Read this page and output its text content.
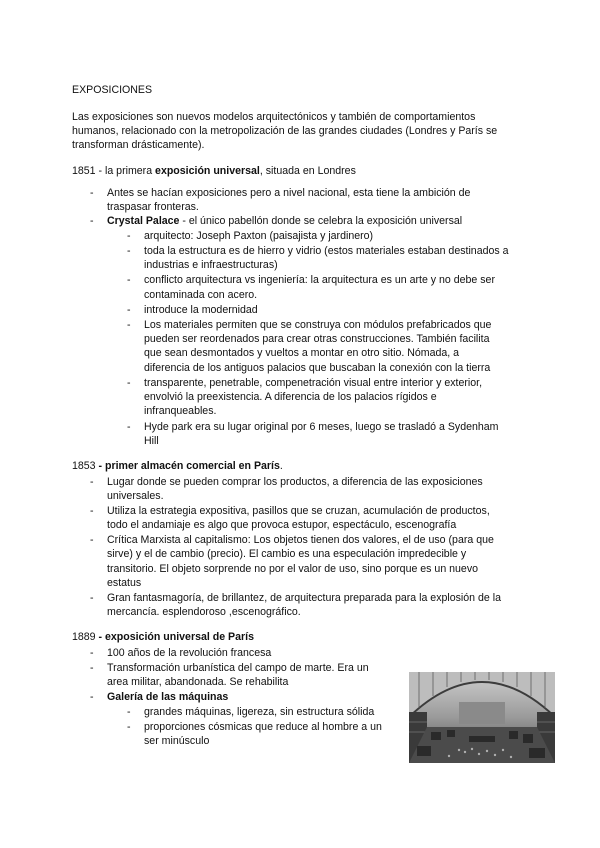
EXPOSICIONES
Las exposiciones son nuevos modelos arquitectónicos y también de comportamientos
humanos, relacionado con la metropolización de las grandes ciudades (Londres y París se
transforman drásticamente).
1851 - la primera exposición universal, situada en Londres
- Antes se hacían exposiciones pero a nivel nacional, esta tiene la ambición de
traspasar fronteras.
- Crystal Palace - el único pabellón donde se celebra la exposición universal
- arquitecto: Joseph Paxton (paisajista y jardinero)
- toda la estructura es de hierro y vidrio (estos materiales estaban destinados a
industrias e infraestructuras)
- conflicto arquitectura vs ingeniería: la arquitectura es un arte y no debe ser
contaminada con acero.
- introduce la modernidad
- Los materiales permiten que se construya con módulos prefabricados que
pueden ser reordenados para crear otras construcciones. También facilita
que sean desmontados y vueltos a montar en otro sitio. Nómada, a
diferencia de los antiguos palacios que buscaban la conexión con la tierra
- transparente, penetrable, compenetración visual entre interior y exterior,
envolvió la preexistencia. A diferencia de los palacios rígidos e
infranqueables.
- Hyde park era su lugar original por 6 meses, luego se trasladó a Sydenham
Hill
1853 - primer almacén comercial en París.
- Lugar donde se pueden comprar los productos, a diferencia de las exposiciones
universales.
- Utiliza la estrategia expositiva, pasillos que se cruzan, acumulación de productos,
todo el andamiaje es algo que provoca estupor, espectáculo, escenografía
- Crítica Marxista al capitalismo: Los objetos tienen dos valores, el de uso (para que
sirve) y el de cambio (precio). El cambio es una especulación impredecible y
transitorio. El objeto sorprende no por el valor de uso, sino porque es un nuevo
estatus
- Gran fantasmagoría, de brillantez, de arquitectura preparada para la explosión de la
mercancía. esplendoroso ,escenográfico.
1889 - exposición universal de París
- 100 años de la revolución francesa
- Transformación urbanística del campo de marte. Era un
area militar, abandonada. Se rehabilita
- Galería de las máquinas
- grandes máquinas, ligereza, sin estructura sólida
- proporciones cósmicas que reduce al hombre a un
ser minúsculo
